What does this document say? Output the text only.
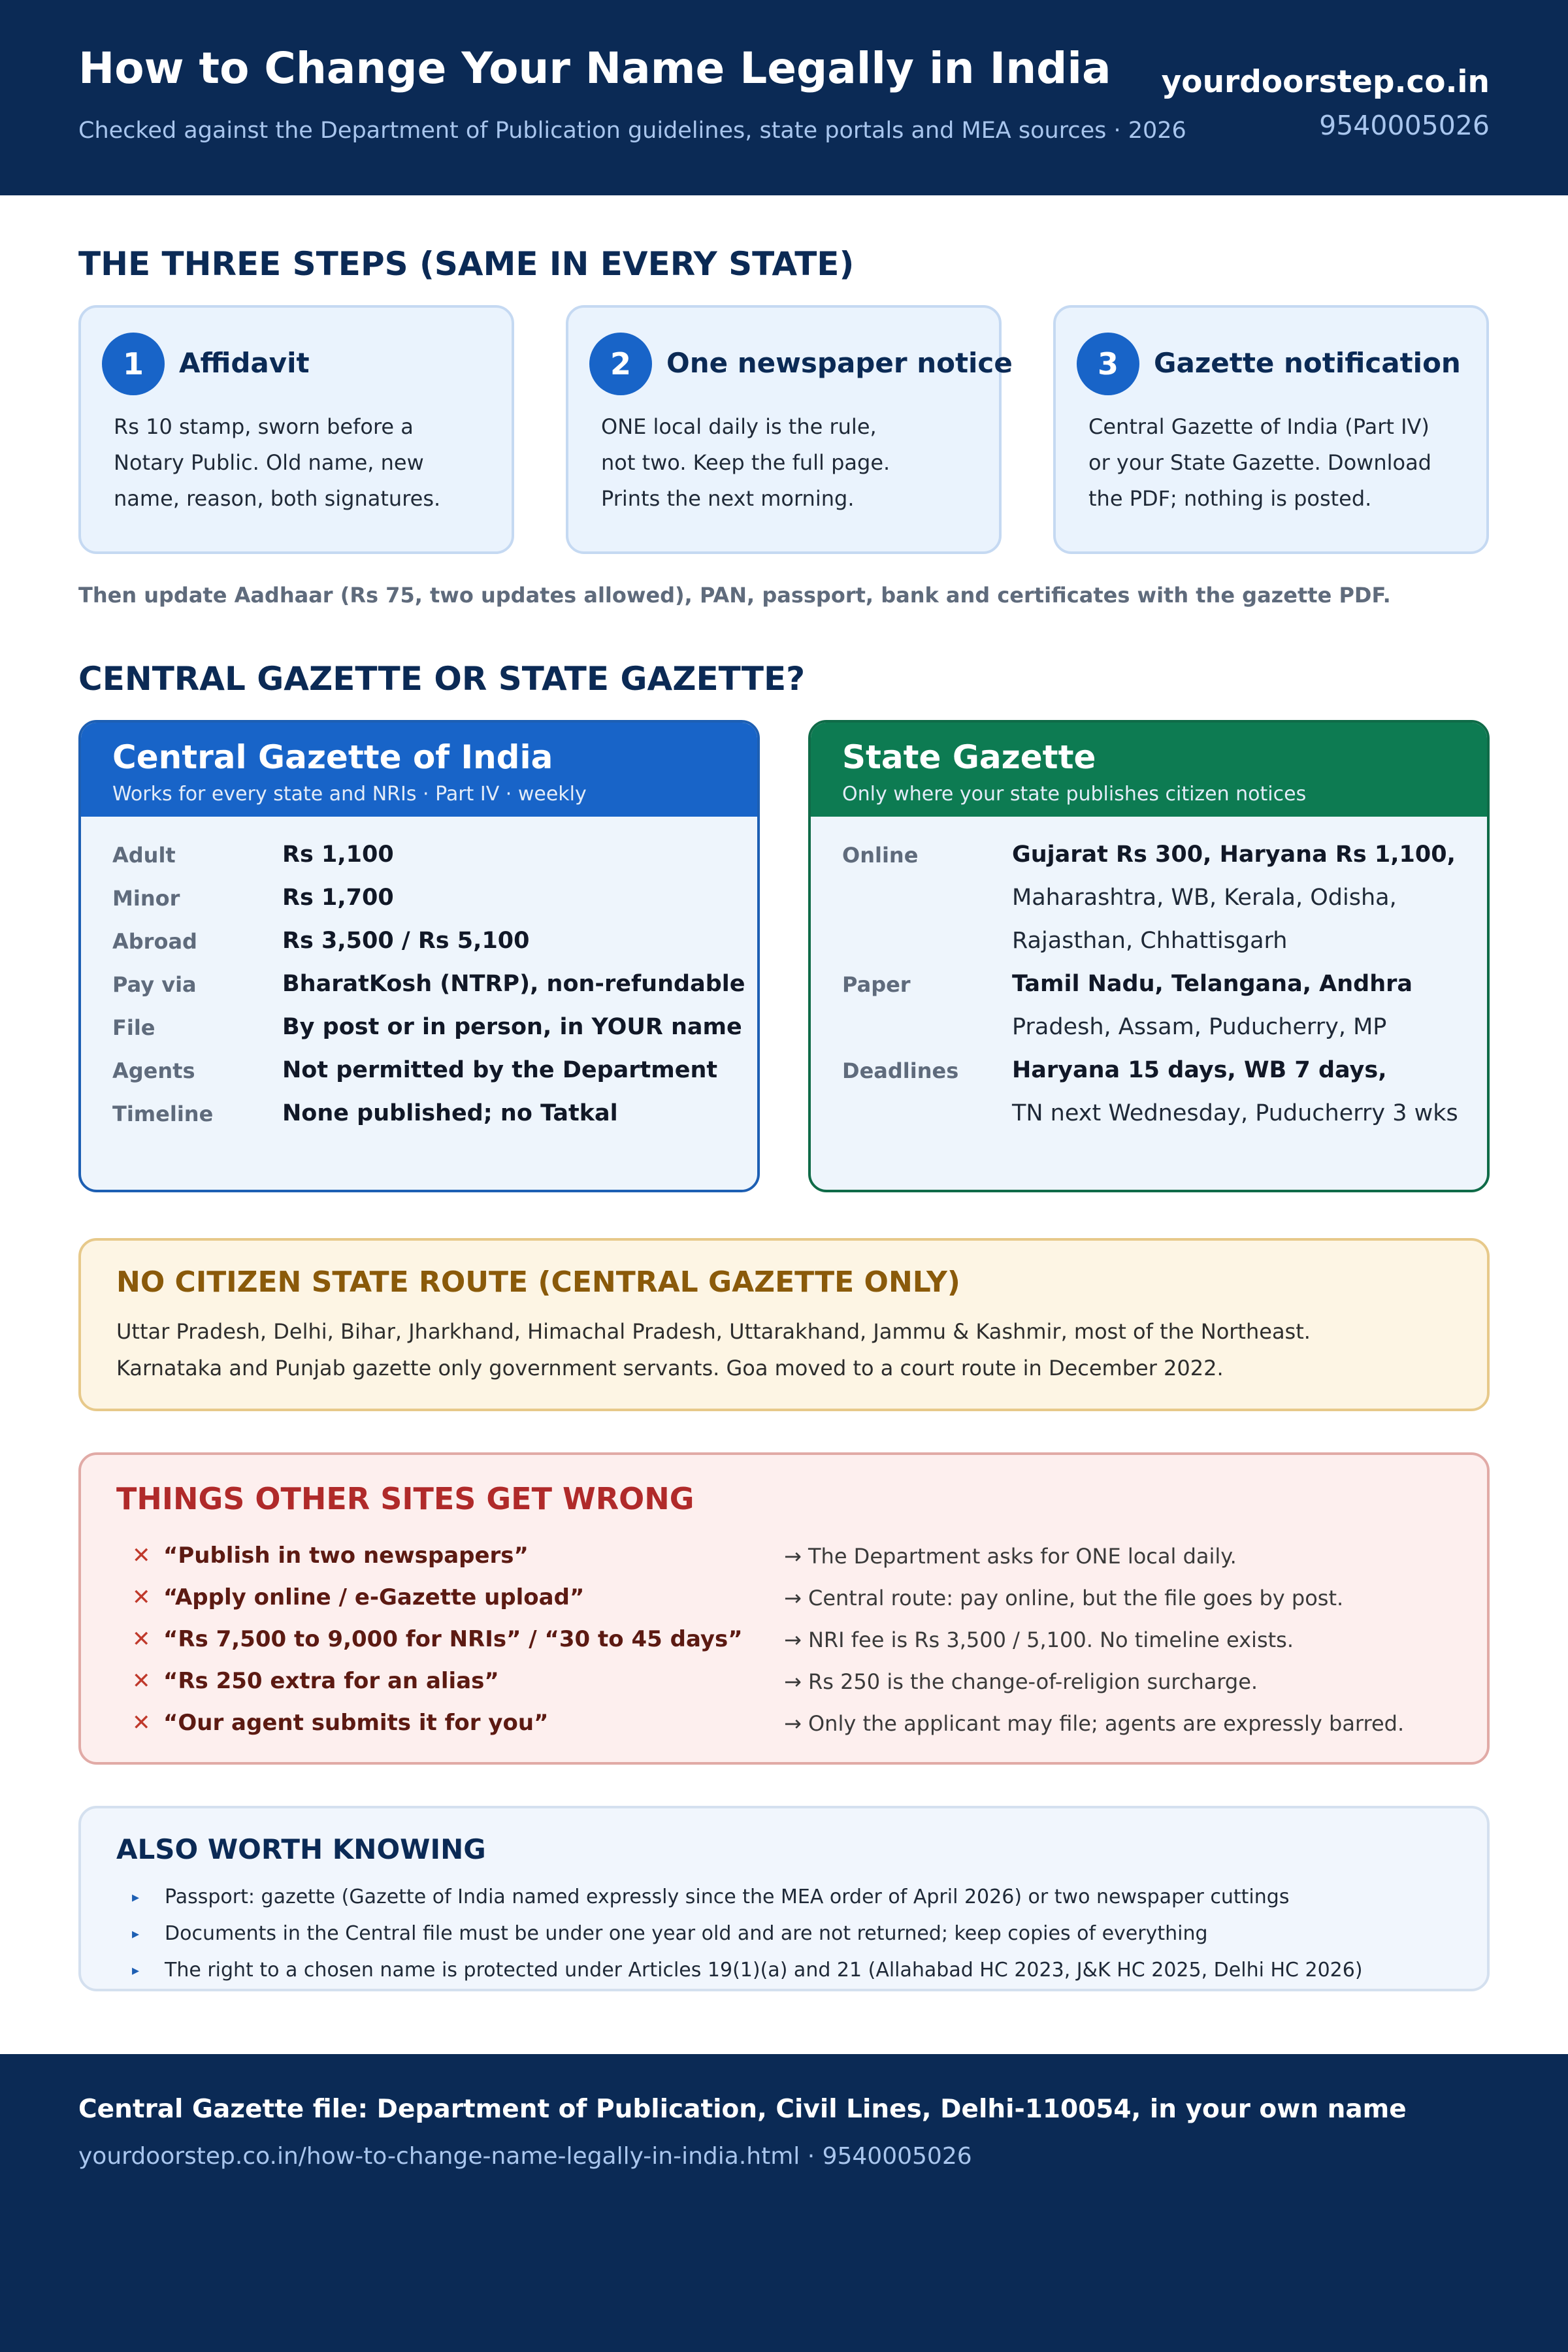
How to Change Your Name Legally in India
Checked against the Department of Publication guidelines, state portals and MEA sources · 2026
yourdoorstep.co.in
9540005026
THE THREE STEPS (SAME IN EVERY STATE)
1	Affidavit
Rs 10 stamp, sworn before a
Notary Public. Old name, new
name, reason, both signatures.
2	One newspaper notice
ONE local daily is the rule,
not two. Keep the full page.
Prints the next morning.
3	Gazette notification
Central Gazette of India (Part IV)
or your State Gazette. Download
the PDF; nothing is posted.
Then update Aadhaar (Rs 75, two updates allowed), PAN, passport, bank and certificates with the gazette PDF.
CENTRAL GAZETTE OR STATE GAZETTE?
Central Gazette of India
Works for every state and NRIs · Part IV · weekly
Adult	Rs 1,100
Minor	Rs 1,700
Abroad	Rs 3,500 / Rs 5,100
Pay via	BharatKosh (NTRP), non-refundable
File	By post or in person, in YOUR name
Agents	Not permitted by the Department
Timeline	None published; no Tatkal
State Gazette
Only where your state publishes citizen notices
Online	Gujarat Rs 300, Haryana Rs 1,100,
Maharashtra, WB, Kerala, Odisha,
Rajasthan, Chhattisgarh
Paper	Tamil Nadu, Telangana, Andhra
Pradesh, Assam, Puducherry, MP
Deadlines Haryana 15 days, WB 7 days,
TN next Wednesday, Puducherry 3 wks
NO CITIZEN STATE ROUTE (CENTRAL GAZETTE ONLY)
Uttar Pradesh, Delhi, Bihar, Jharkhand, Himachal Pradesh, Uttarakhand, Jammu & Kashmir, most of the Northeast.
Karnataka and Punjab gazette only government servants. Goa moved to a court route in December 2022.
THINGS OTHER SITES GET WRONG
✕ “Publish in two newspapers”	→ The Department asks for ONE local daily.
✕ “Apply online / e-Gazette upload”	→ Central route: pay online, but the file goes by post.
✕ “Rs 7,500 to 9,000 for NRIs” / “30 to 45 days” → NRI fee is Rs 3,500 / 5,100. No timeline exists.
✕ “Rs 250 extra for an alias”	→ Rs 250 is the change-of-religion surcharge.
✕ “Our agent submits it for you”	→ Only the applicant may file; agents are expressly barred.
ALSO WORTH KNOWING
▸ Passport: gazette (Gazette of India named expressly since the MEA order of April 2026) or two newspaper cuttings
▸ Documents in the Central file must be under one year old and are not returned; keep copies of everything
▸ The right to a chosen name is protected under Articles 19(1)(a) and 21 (Allahabad HC 2023, J&K HC 2025, Delhi HC 2026)
Central Gazette file: Department of Publication, Civil Lines, Delhi-110054, in your own name
yourdoorstep.co.in/how-to-change-name-legally-in-india.html · 9540005026
